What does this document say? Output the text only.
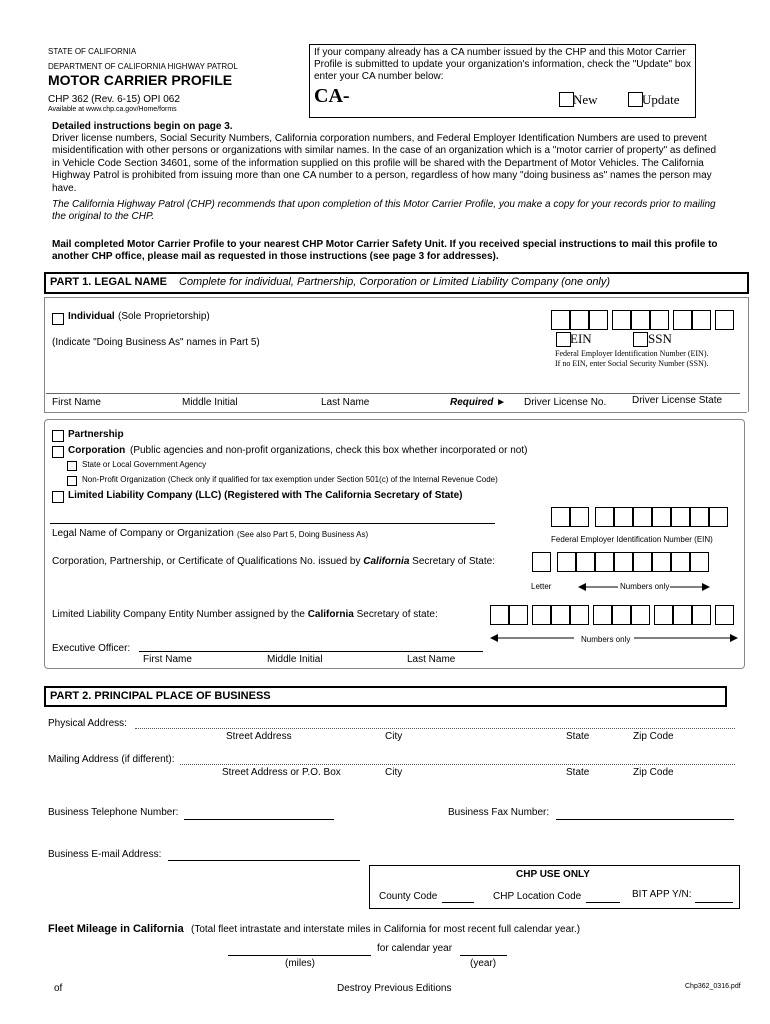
STATE OF CALIFORNIA
DEPARTMENT OF CALIFORNIA HIGHWAY PATROL
MOTOR CARRIER PROFILE
CHP 362 (Rev. 6-15) OPI 062
Available at www.chp.ca.gov/Home/forms
If your company already has a CA number issued by the CHP and this Motor Carrier Profile is submitted to update your organization's information, check the "Update" box enter your CA number below:
CA-	New	Update
Detailed instructions begin on page 3.
Driver license numbers, Social Security Numbers, California corporation numbers, and Federal Employer Identification Numbers are used to prevent misidentification with other persons or organizations with similar names. In the case of an organization which is a "motor carrier of property" as defined in Vehicle Code Section 34601, some of the information supplied on this profile will be shared with the Department of Motor Vehicles. The California Highway Patrol is prohibited from issuing more than one CA number to a person, regardless of how many "doing business as" names the person may have.
The California Highway Patrol (CHP) recommends that upon completion of this Motor Carrier Profile, you make a copy for your records prior to mailing the original to the CHP.
Mail completed Motor Carrier Profile to your nearest CHP Motor Carrier Safety Unit. If you received special instructions to mail this profile to another CHP office, please mail as requested in those instructions (see page 3 for addresses).
PART 1. LEGAL NAME Complete for individual, Partnership, Corporation or Limited Liability Company (one only)
Individual (Sole Proprietorship)
(Indicate "Doing Business As" names in Part 5)	EIN	SSN
Federal Employer Identification Number (EIN).
If no EIN, enter Social Security Number (SSN).
First Name	Middle Initial	Last Name	Required ► Driver License No.	Driver License State
Partnership
Corporation (Public agencies and non-profit organizations, check this box whether incorporated or not)
State or Local Government Agency
Non-Profit Organization (Check only if qualified for tax exemption under Section 501(c) of the Internal Revenue Code)
Limited Liability Company (LLC) (Registered with The California Secretary of State)
Legal Name of Company or Organization (See also Part 5, Doing Business As)
Federal Employer Identification Number (EIN)
Corporation, Partnership, or Certificate of Qualifications No. issued by California Secretary of State:
Letter	Numbers only
Limited Liability Company Entity Number assigned by the California Secretary of state:
Numbers only
Executive Officer:
First Name	Middle Initial	Last Name
PART 2. PRINCIPAL PLACE OF BUSINESS
Physical Address:
Street Address	City	State	Zip Code
Mailing Address (if different):
Street Address or P.O. Box	City	State	Zip Code
Business Telephone Number:	Business Fax Number:
Business E-mail Address:
CHP USE ONLY
County Code	CHP Location Code	BIT APP Y/N:
Fleet Mileage in California (Total fleet intrastate and interstate miles in California for most recent full calendar year.)
for calendar year
(miles)	(year)
of	Destroy Previous Editions	Chp362_0316.pdf
